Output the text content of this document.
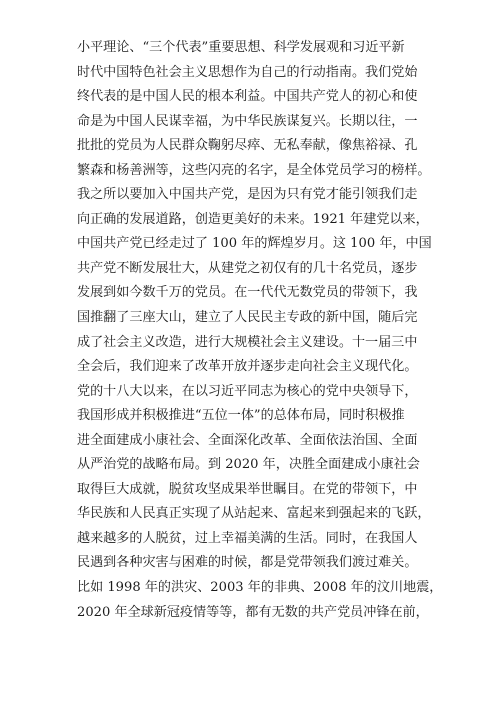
小平理论、“三个代表”重要思想、科学发展观和习近平新
时代中国特色社会主义思想作为自己的行动指南。我们党始
终代表的是中国人民的根本利益。中国共产党人的初心和使
命是为中国人民谋幸福，为中华民族谋复兴。长期以往，一
批批的党员为人民群众鞠躬尽瘁、无私奉献，像焦裕禄、孔
繁森和杨善洲等，这些闪亮的名字，是全体党员学习的榜样。
我之所以要加入中国共产党，是因为只有党才能引领我们走
向正确的发展道路，创造更美好的未来。1921 年建党以来，
中国共产党已经走过了 100 年的辉煌岁月。这 100 年，中国
共产党不断发展壮大，从建党之初仅有的几十名党员，逐步
发展到如今数千万的党员。在一代代无数党员的带领下，我
国推翻了三座大山，建立了人民民主专政的新中国，随后完
成了社会主义改造，进行大规模社会主义建设。十一届三中
全会后，我们迎来了改革开放并逐步走向社会主义现代化。
党的十八大以来，在以习近平同志为核心的党中央领导下，
我国形成并积极推进“五位一体”的总体布局，同时积极推
进全面建成小康社会、全面深化改革、全面依法治国、全面
从严治党的战略布局。到 2020 年，决胜全面建成小康社会
取得巨大成就，脱贫攻坚成果举世瞩目。在党的带领下，中
华民族和人民真正实现了从站起来、富起来到强起来的飞跃，
越来越多的人脱贫，过上幸福美满的生活。同时，在我国人
民遇到各种灾害与困难的时候，都是党带领我们渡过难关。
比如 1998 年的洪灾、2003 年的非典、2008 年的汶川地震，
2020 年全球新冠疫情等等，都有无数的共产党员冲锋在前，
